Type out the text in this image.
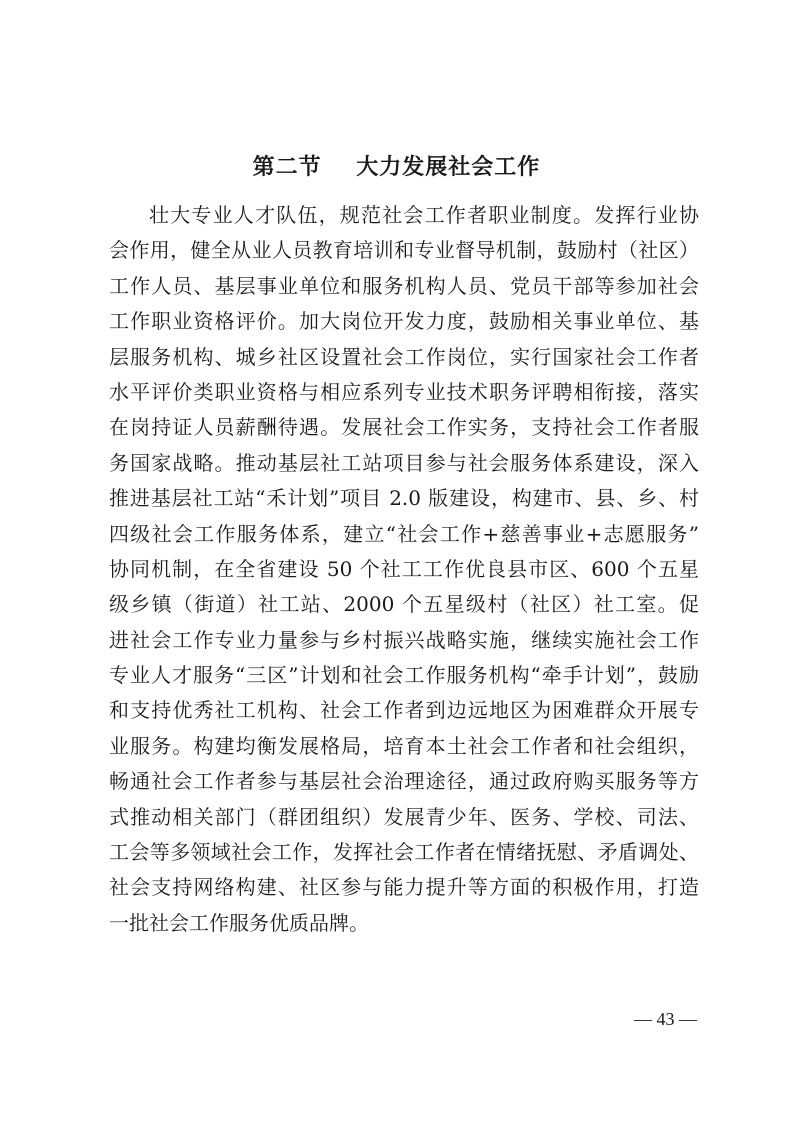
第二节    大力发展社会工作
壮大专业人才队伍，规范社会工作者职业制度。发挥行业协
会作用，健全从业人员教育培训和专业督导机制，鼓励村（社区）
工作人员、基层事业单位和服务机构人员、党员干部等参加社会
工作职业资格评价。加大岗位开发力度，鼓励相关事业单位、基
层服务机构、城乡社区设置社会工作岗位，实行国家社会工作者
水平评价类职业资格与相应系列专业技术职务评聘相衔接，落实
在岗持证人员薪酬待遇。发展社会工作实务，支持社会工作者服
务国家战略。推动基层社工站项目参与社会服务体系建设，深入
推进基层社工站“禾计划”项目 2.0 版建设，构建市、县、乡、村
四级社会工作服务体系，建立“社会工作+慈善事业+志愿服务”
协同机制，在全省建设 50 个社工工作优良县市区、600 个五星
级乡镇（街道）社工站、2000 个五星级村（社区）社工室。促
进社会工作专业力量参与乡村振兴战略实施，继续实施社会工作
专业人才服务“三区”计划和社会工作服务机构“牵手计划”，鼓励
和支持优秀社工机构、社会工作者到边远地区为困难群众开展专
业服务。构建均衡发展格局，培育本土社会工作者和社会组织，
畅通社会工作者参与基层社会治理途径，通过政府购买服务等方
式推动相关部门（群团组织）发展青少年、医务、学校、司法、
工会等多领域社会工作，发挥社会工作者在情绪抚慰、矛盾调处、
社会支持网络构建、社区参与能力提升等方面的积极作用，打造
一批社会工作服务优质品牌。
— 43 —
